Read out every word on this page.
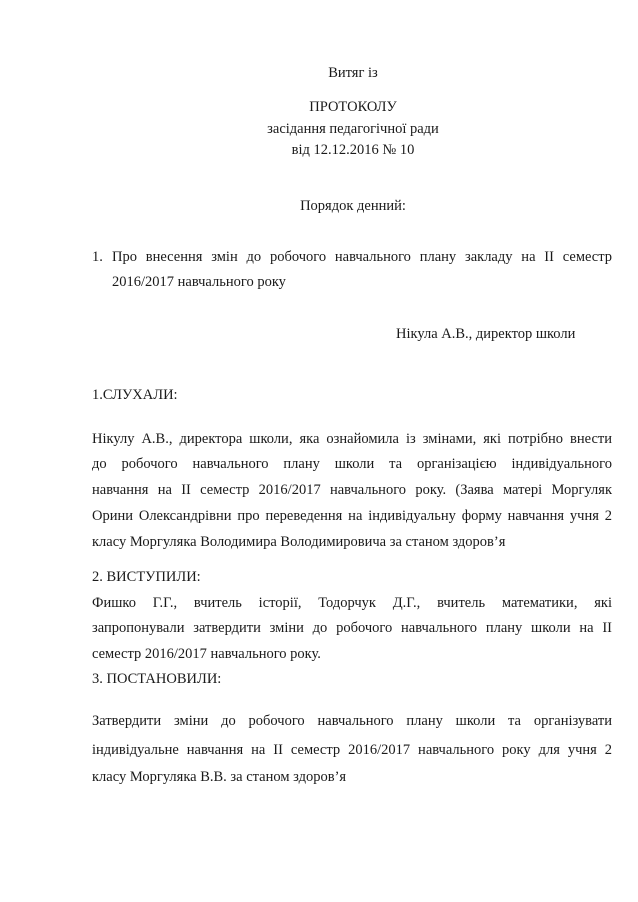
Витяг із
ПРОТОКОЛУ
засідання педагогічної ради
від 12.12.2016 № 10
Порядок денний:
1. Про внесення змін до робочого навчального плану закладу на ІІ семестр
2016/2017 навчального року
Нікула А.В., директор школи
1.СЛУХАЛИ:
Нікулу А.В., директора школи, яка ознайомила із змінами, які потрібно внести
до робочого навчального плану школи та організацією індивідуального
навчання на ІІ семестр 2016/2017 навчального року. (Заява матері Моргуляк
Орини Олександрівни про переведення на індивідуальну форму навчання учня 2
класу Моргуляка Володимира Володимировича за станом здоров’я
2. ВИСТУПИЛИ:
Фишко Г.Г., вчитель історії, Тодорчук Д.Г., вчитель математики, які
запропонували затвердити зміни до робочого навчального плану школи на ІІ
семестр 2016/2017 навчального року.
3. ПОСТАНОВИЛИ:
Затвердити зміни до робочого навчального плану школи та організувати
індивідуальне навчання на ІІ семестр 2016/2017 навчального року для учня 2
класу Моргуляка В.В. за станом здоров’я
